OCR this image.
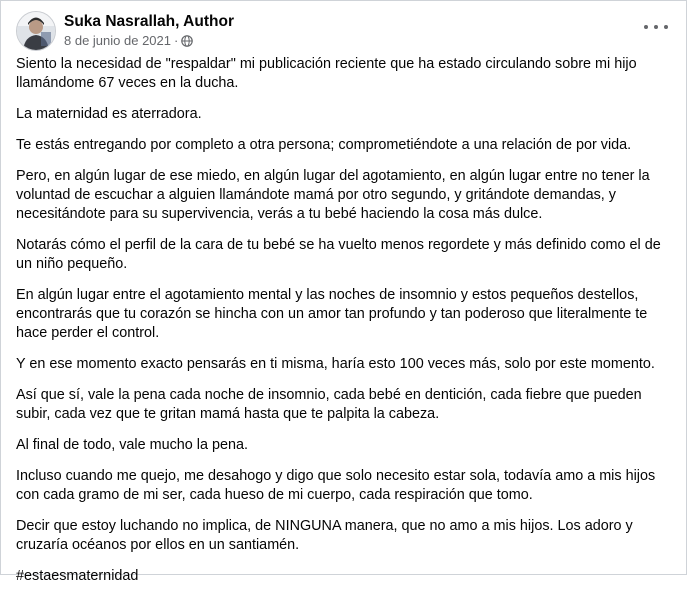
Suka Nasrallah, Author
8 de junio de 2021 ·

Siento la necesidad de "respaldar" mi publicación reciente que ha estado circulando sobre mi hijo llamándome 67 veces en la ducha.

La maternidad es aterradora.

Te estás entregando por completo a otra persona; comprometiéndote a una relación de por vida.

Pero, en algún lugar de ese miedo, en algún lugar del agotamiento, en algún lugar entre no tener la voluntad de escuchar a alguien llamándote mamá por otro segundo, y gritándote demandas, y necesitándote para su supervivencia, verás a tu bebé haciendo la cosa más dulce.

Notarás cómo el perfil de la cara de tu bebé se ha vuelto menos regordete y más definido como el de un niño pequeño.

En algún lugar entre el agotamiento mental y las noches de insomnio y estos pequeños destellos, encontrarás que tu corazón se hincha con un amor tan profundo y tan poderoso que literalmente te hace perder el control.

Y en ese momento exacto pensarás en ti misma, haría esto 100 veces más, solo por este momento.

Así que sí, vale la pena cada noche de insomnio, cada bebé en dentición, cada fiebre que pueden subir, cada vez que te gritan mamá hasta que te palpita la cabeza.

Al final de todo, vale mucho la pena.

Incluso cuando me quejo, me desahogo y digo que solo necesito estar sola, todavía amo a mis hijos con cada gramo de mi ser, cada hueso de mi cuerpo, cada respiración que tomo.

Decir que estoy luchando no implica, de NINGUNA manera, que no amo a mis hijos. Los adoro y cruzaría océanos por ellos en un santiamén.

#estaesmaternidad
